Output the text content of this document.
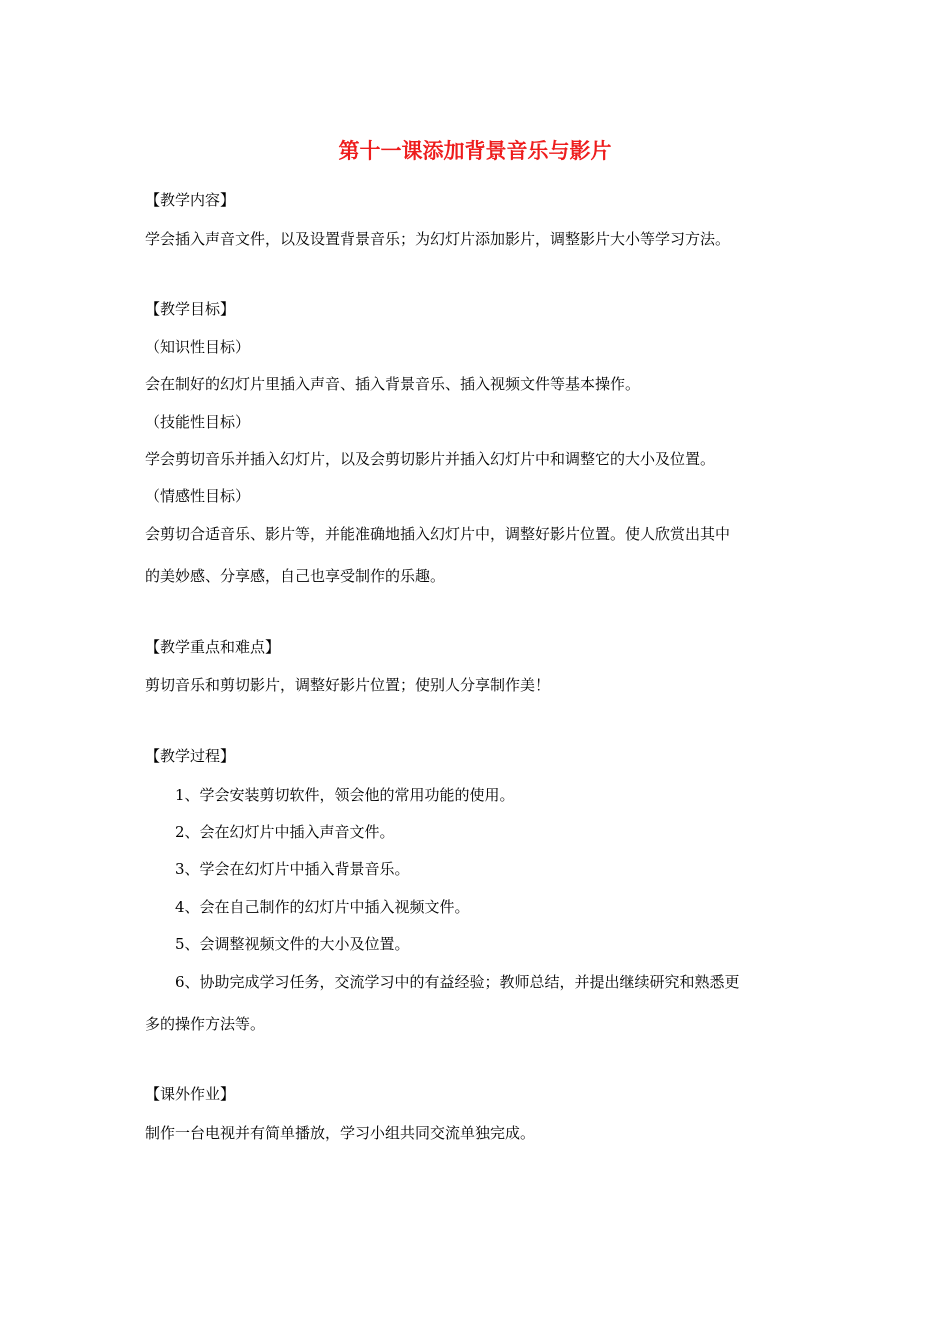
第十一课添加背景音乐与影片
【教学内容】
学会插入声音文件，以及设置背景音乐；为幻灯片添加影片，调整影片大小等学习方法。
【教学目标】
（知识性目标）
会在制好的幻灯片里插入声音、插入背景音乐、插入视频文件等基本操作。
（技能性目标）
学会剪切音乐并插入幻灯片，以及会剪切影片并插入幻灯片中和调整它的大小及位置。
（情感性目标）
会剪切合适音乐、影片等，并能准确地插入幻灯片中，调整好影片位置。使人欣赏出其中
的美妙感、分享感，自己也享受制作的乐趣。
【教学重点和难点】
剪切音乐和剪切影片，调整好影片位置；使别人分享制作美！
【教学过程】
1、学会安装剪切软件，领会他的常用功能的使用。
2、会在幻灯片中插入声音文件。
3、学会在幻灯片中插入背景音乐。
4、会在自己制作的幻灯片中插入视频文件。
5、会调整视频文件的大小及位置。
6、协助完成学习任务，交流学习中的有益经验；教师总结，并提出继续研究和熟悉更
多的操作方法等。
【课外作业】
制作一台电视并有简单播放，学习小组共同交流单独完成。
